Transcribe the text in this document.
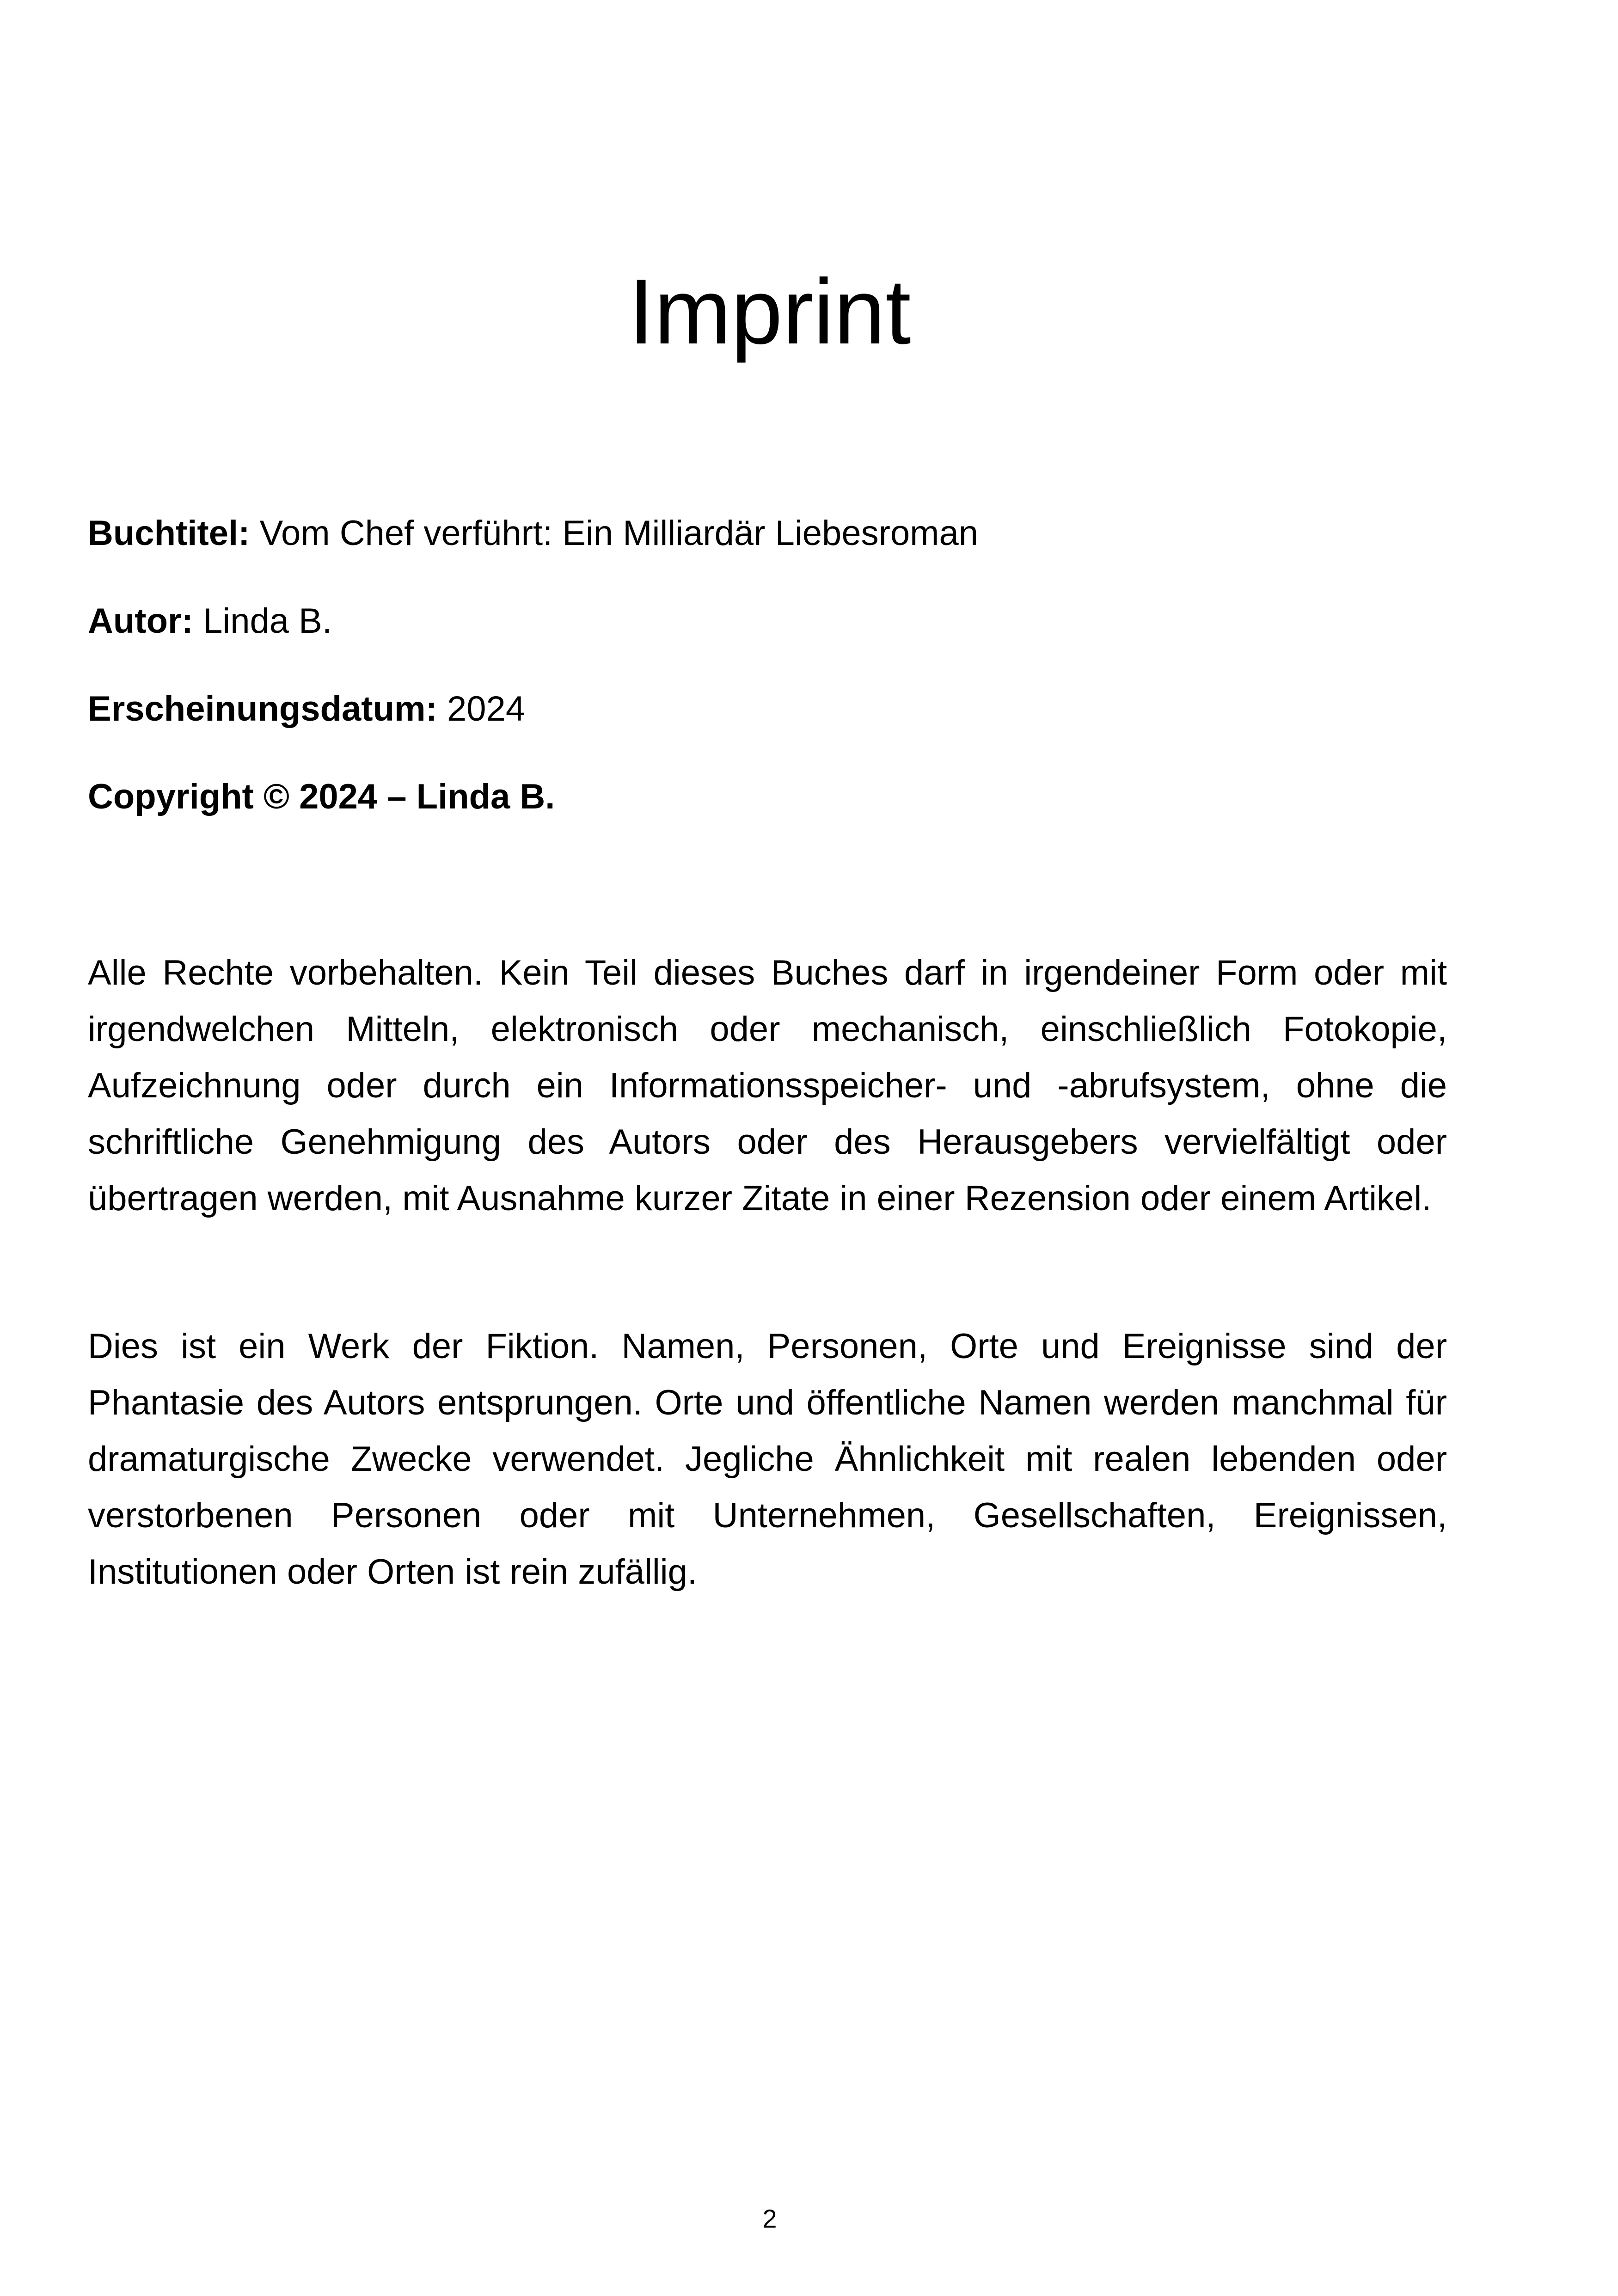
Imprint

Buchtitel: Vom Chef verführt: Ein Milliardär Liebesroman

Autor: Linda B.

Erscheinungsdatum: 2024

Copyright © 2024 – Linda B.

Alle Rechte vorbehalten. Kein Teil dieses Buches darf in irgendeiner Form oder mit irgendwelchen Mitteln, elektronisch oder mechanisch, einschließlich Fotokopie, Aufzeichnung oder durch ein Informationsspeicher- und -abrufsystem, ohne die schriftliche Genehmigung des Autors oder des Herausgebers vervielfältigt oder übertragen werden, mit Ausnahme kurzer Zitate in einer Rezension oder einem Artikel.

Dies ist ein Werk der Fiktion. Namen, Personen, Orte und Ereignisse sind der Phantasie des Autors entsprungen. Orte und öffentliche Namen werden manchmal für dramaturgische Zwecke verwendet. Jegliche Ähnlichkeit mit realen lebenden oder verstorbenen Personen oder mit Unternehmen, Gesellschaften, Ereignissen, Institutionen oder Orten ist rein zufällig.

2
